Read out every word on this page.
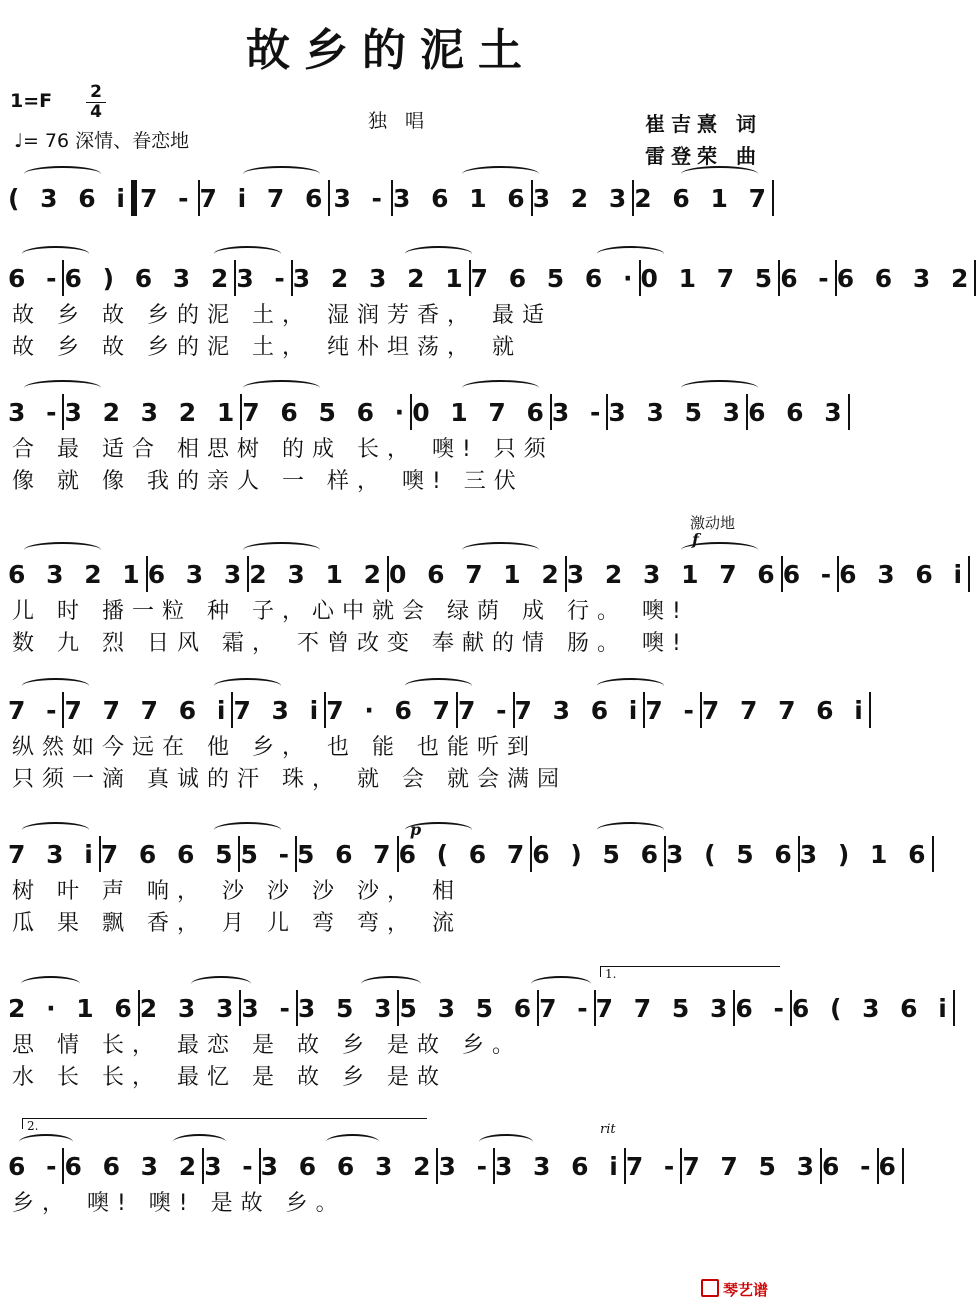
故乡的泥土
1=F 2
4
♩= 76 深情、眷恋地
独 唱	崔吉熹 词
雷登荣 曲
激动地
f
p
rit
1.
2.
( 3 6 i 7 - 7 i 7 6 3 - 3 6 1 6 3 2 3 2 6 1 7
6 - 6 ) 6 3 2 3 - 3 2 3 2 1 7 6 5 6 · 0 1 7 5 6 - 6 6 3 2
故 乡 故 乡的泥 土， 湿润芳香， 最适
故 乡 故 乡的泥 土， 纯朴坦荡， 就
3 - 3 2 3 2 1 7 6 5 6 · 0 1 7 6 3 - 3 3 5 3 6 6 3
合 最 适合 相思树 的成 长， 噢! 只须
像 就 像 我的亲人 一 样， 噢! 三伏
6 3 2 1 6 3 3 2 3 1 2 0 6 7 1 2 3 2 3 1 7 6 6 - 6 3 6 i
儿 时 播一粒 种 子，心中就会 绿荫 成 行。 噢!
数 九 烈 日风 霜， 不曾改变 奉献的情 肠。 噢!
7 - 7 7 7 6 i 7 3 i 7 · 6 7 7 - 7 3 6 i 7 - 7 7 7 6 i
纵然如今远在 他 乡， 也 能 也能听到
只须一滴 真诚的汗 珠， 就 会 就会满园
7 3 i 7 6 6 5 5 - 5 6 7 6 ( 6 7 6 ) 5 6 3 ( 5 6 3 ) 1 6
树 叶 声 响， 沙 沙 沙 沙， 相
瓜 果 飘 香， 月 儿 弯 弯， 流
2 · 1 6 2 3 3 3 - 3 5 3 5 3 5 6 7 - 7 7 5 3 6 - 6 ( 3 6 i
思 情 长， 最恋 是 故 乡 是故 乡。
水 长 长， 最忆 是 故 乡 是故
6 - 6 6 3 2 3 - 3 6 6 3 2 3 - 3 3 6 i 7 - 7 7 5 3 6 - 6
乡， 噢! 噢! 是故 乡。
琴艺谱
